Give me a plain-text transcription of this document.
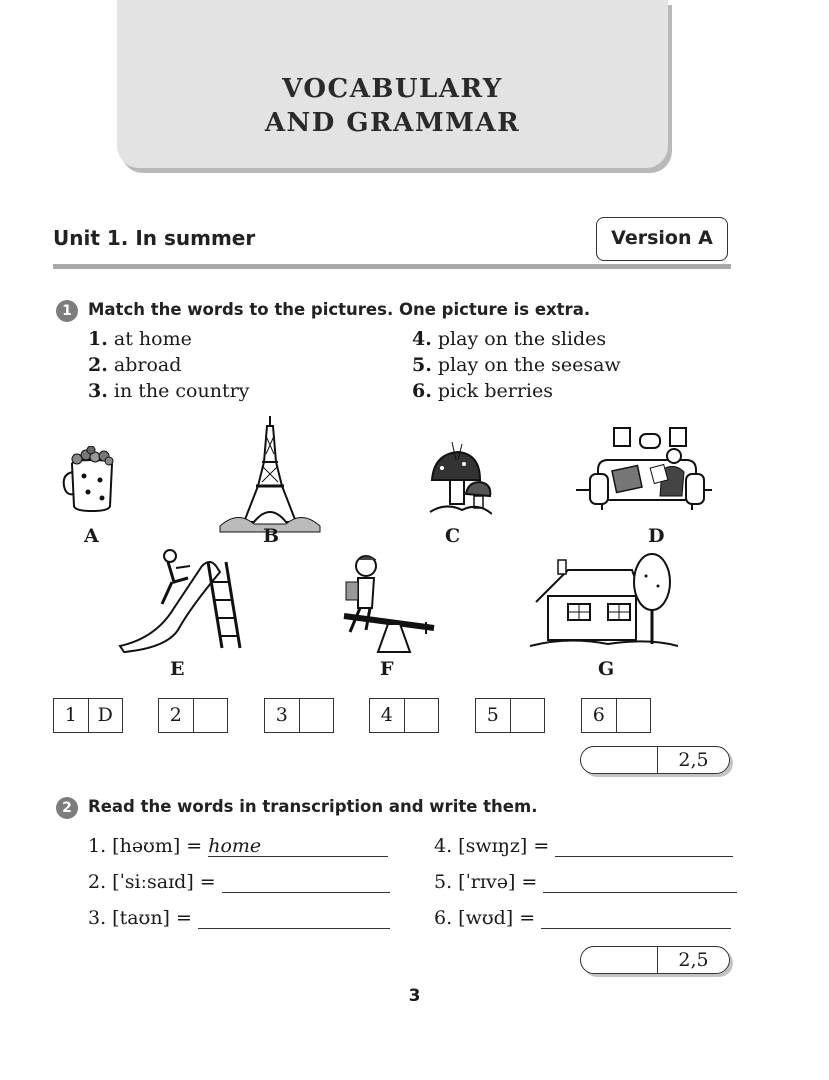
VOCABULARY
AND GRAMMAR
Unit 1. In summer	Version A
1 Match the words to the pictures. One picture is extra.
1. at home
2. abroad
3. in the country
4. play on the slides
5. play on the seesaw
6. pick berries
A	B	C	D
E	F	G
1	D	2	3	4	5	6
2,5
2 Read the words in transcription and write them.
1. [həʊm] = home
2. [ˈsiːsaɪd] =
3. [taʊn] =
4. [swɪŋz] =
5. [ˈrɪvə] =
6. [wʊd] =
2,5
3
